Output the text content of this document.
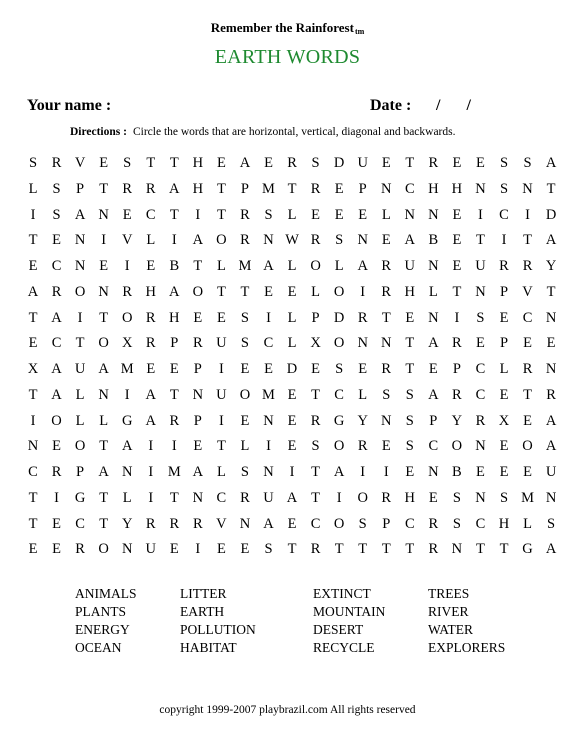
Remember the Rainforesttm
EARTH WORDS
Your name :	Date : / /
Directions : Circle the words that are horizontal, vertical, diagonal and backwards.
S	R V E	S	T	T H E A E R	S D U E	T R E	E	S	S A
L	S	P	T R R A H T	P M T R E	P N C H H N S N T
I	S A N E C T	I	T R	S	L	E	E	E	L N N E	I	C	I	D
T	E N	I	V L	I	A O R N W R	S N E A B E	T	I	T A
E C N E	I	E B T	L M A L O L A R U N E U R R Y
A R O N R H A O T	T	E	E	L O	I	R H L	T N P V T
T A	I	T O R H E	E	S	I	L	P D R T	E N	I	S	E C N
E C T O X R	P	R U S	C L X O N N T A R E	P	E	E
X A U A M E	E	P	I	E	E D E	S	E R T	E	P	C L R N
T A L N	I	A T N U O M E	T C L	S	S A R C E	T R
I	O L	L G A R	P	I	E N E R G Y N S	P Y R X E A
N E O T A	I	I	E	T	L	I	E	S O R E	S	C O N E O A
C R	P A N	I	M A L	S N	I	T A	I	I	E N B E	E	E U
T	I	G T	L	I	T N C R U A T	I	O R H E	S N S M N
T	E C T Y R R R V N A E C O S	P	C R	S	C H L	S
E	E R O N U E	I	E	E	S	T R T	T	T	T R N T	T G A
ANIMALS	LITTER	EXTINCT	TREES
PLANTS	EARTH	MOUNTAIN	RIVER
ENERGY	POLLUTION	DESERT	WATER
OCEAN	HABITAT	RECYCLE	EXPLORERS
copyright 1999-2007 playbrazil.com All rights reserved
